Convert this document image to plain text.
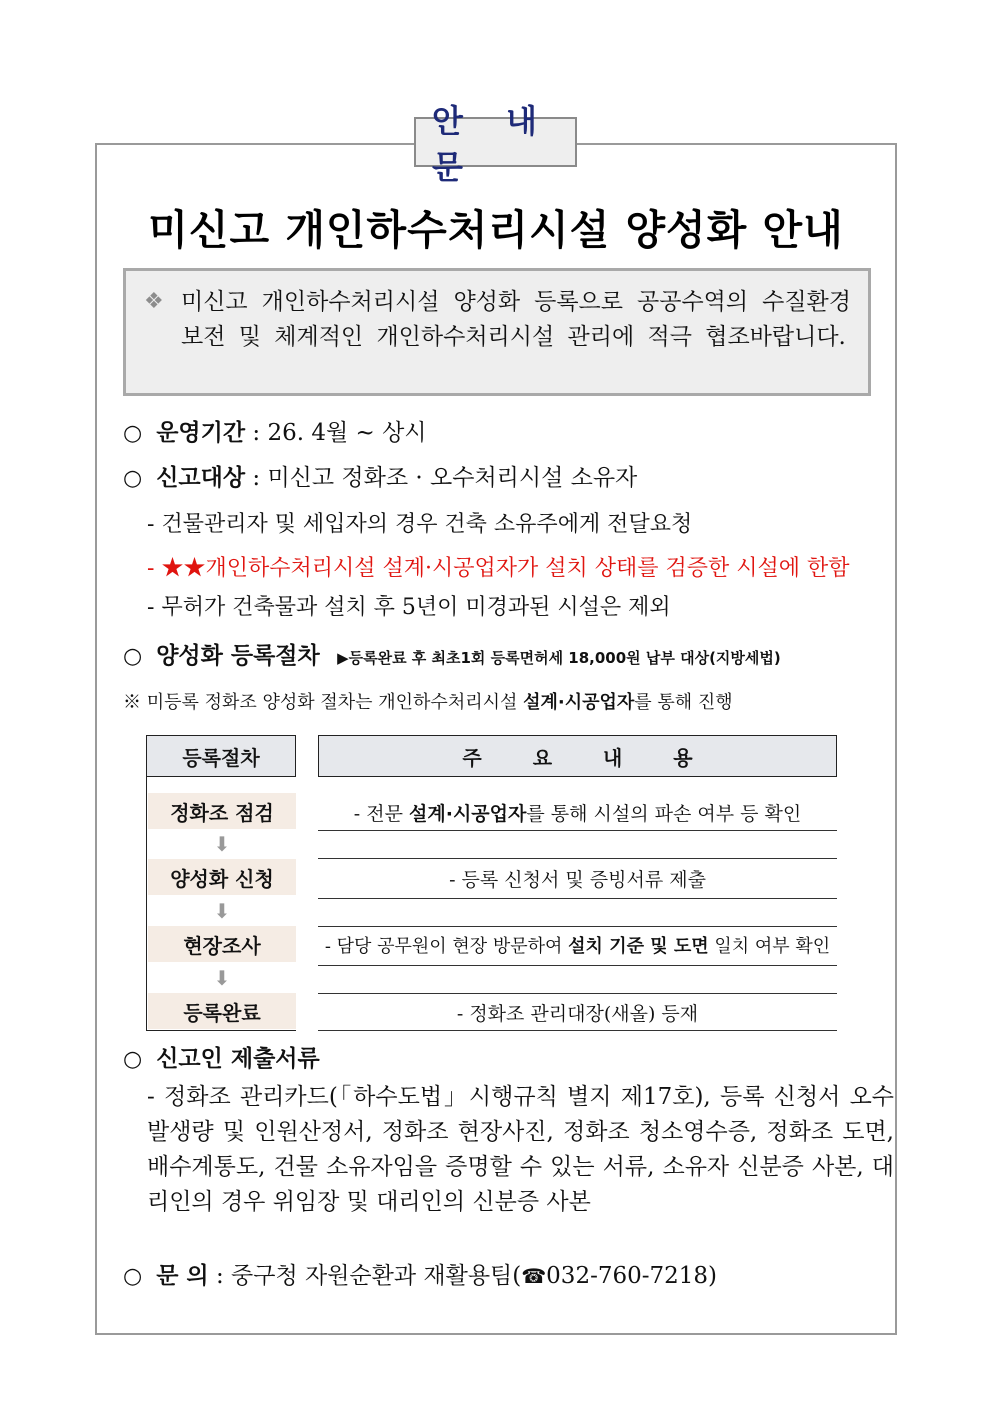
안 내 문
미신고 개인하수처리시설 양성화 안내
❖ 미신고 개인하수처리시설 양성화 등록으로 공공수역의 수질환경보전 및 체계적인 개인하수처리시설 관리에 적극 협조바랍니다.
○ 운영기간 : 26. 4월 ~ 상시
○ 신고대상 : 미신고 정화조 · 오수처리시설 소유자
- 건물관리자 및 세입자의 경우 건축 소유주에게 전달요청
- ★★개인하수처리시설 설계·시공업자가 설치 상태를 검증한 시설에 한함
- 무허가 건축물과 설치 후 5년이 미경과된 시설은 제외
○ 양성화 등록절차 ▶등록완료 후 최초1회 등록면허세 18,000원 납부 대상(지방세법)
※ 미등록 정화조 양성화 절차는 개인하수처리시설 설계·시공업자를 통해 진행
등록절차	주 요 내 용
정화조 점검
⬇
양성화 신청
⬇
현장조사
⬇
등록완료
- 전문 설계·시공업자를 통해 시설의 파손 여부 등 확인
- 등록 신청서 및 증빙서류 제출
- 담당 공무원이 현장 방문하여 설치 기준 및 도면 일치 여부 확인
- 정화조 관리대장(새올) 등재
○ 신고인 제출서류
- 정화조 관리카드(「하수도법」시행규칙 별지 제17호), 등록 신청서 오수발생량 및 인원산정서, 정화조 현장사진, 정화조 청소영수증, 정화조 도면, 배수계통도, 건물 소유자임을 증명할 수 있는 서류, 소유자 신분증 사본, 대리인의 경우 위임장 및 대리인의 신분증 사본
○ 문 의 : 중구청 자원순환과 재활용팀(☎032-760-7218)
